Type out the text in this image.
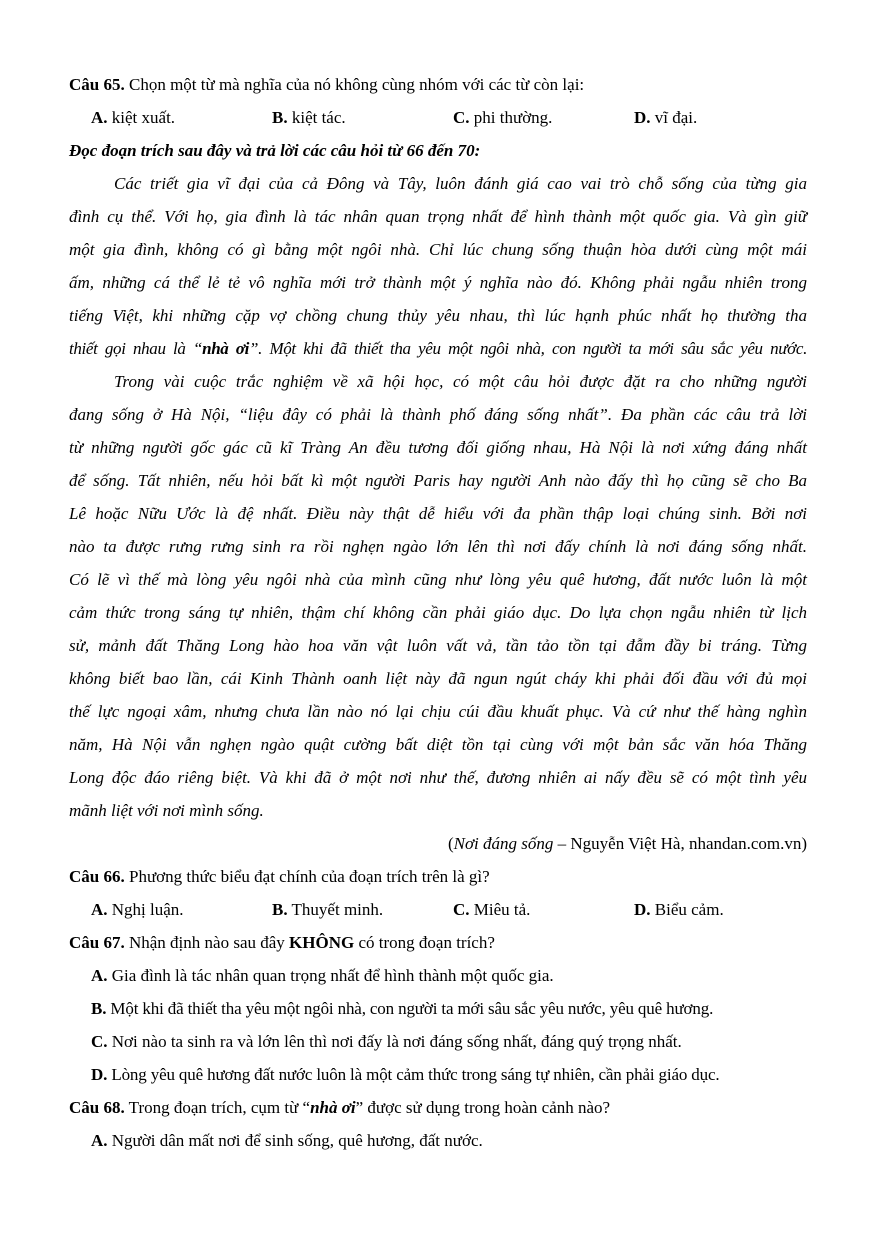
Câu 65. Chọn một từ mà nghĩa của nó không cùng nhóm với các từ còn lại:
A. kiệt xuất.	B. kiệt tác.	C. phi thường.	D. vĩ đại.
Đọc đoạn trích sau đây và trả lời các câu hỏi từ 66 đến 70:
Các triết gia vĩ đại của cả Đông và Tây, luôn đánh giá cao vai trò chỗ sống của từng gia
đình cụ thể. Với họ, gia đình là tác nhân quan trọng nhất để hình thành một quốc gia. Và gìn giữ
một gia đình, không có gì bằng một ngôi nhà. Chỉ lúc chung sống thuận hòa dưới cùng một mái
ấm, những cá thể lẻ tẻ vô nghĩa mới trở thành một ý nghĩa nào đó. Không phải ngẫu nhiên trong
tiếng Việt, khi những cặp vợ chồng chung thủy yêu nhau, thì lúc hạnh phúc nhất họ thường tha
thiết gọi nhau là “nhà ơi”. Một khi đã thiết tha yêu một ngôi nhà, con người ta mới sâu sắc yêu nước.
Trong vài cuộc trắc nghiệm về xã hội học, có một câu hỏi được đặt ra cho những người
đang sống ở Hà Nội, “liệu đây có phải là thành phố đáng sống nhất”. Đa phần các câu trả lời
từ những người gốc gác cũ kĩ Tràng An đều tương đối giống nhau, Hà Nội là nơi xứng đáng nhất
để sống. Tất nhiên, nếu hỏi bất kì một người Paris hay người Anh nào đấy thì họ cũng sẽ cho Ba
Lê hoặc Nữu Ước là đệ nhất. Điều này thật dễ hiểu với đa phần thập loại chúng sinh. Bởi nơi
nào ta được rưng rưng sinh ra rồi nghẹn ngào lớn lên thì nơi đấy chính là nơi đáng sống nhất.
Có lẽ vì thế mà lòng yêu ngôi nhà của mình cũng như lòng yêu quê hương, đất nước luôn là một
cảm thức trong sáng tự nhiên, thậm chí không cần phải giáo dục. Do lựa chọn ngẫu nhiên từ lịch
sử, mảnh đất Thăng Long hào hoa văn vật luôn vất vả, tần tảo tồn tại đẫm đầy bi tráng. Từng
không biết bao lần, cái Kinh Thành oanh liệt này đã ngun ngút cháy khi phải đối đầu với đủ mọi
thế lực ngoại xâm, nhưng chưa lần nào nó lại chịu cúi đầu khuất phục. Và cứ như thế hàng nghìn
năm, Hà Nội vẫn nghẹn ngào quật cường bất diệt tồn tại cùng với một bản sắc văn hóa Thăng
Long độc đáo riêng biệt. Và khi đã ở một nơi như thế, đương nhiên ai nấy đều sẽ có một tình yêu
mãnh liệt với nơi mình sống.
(Nơi đáng sống – Nguyễn Việt Hà, nhandan.com.vn)
Câu 66. Phương thức biểu đạt chính của đoạn trích trên là gì?
A. Nghị luận.	B. Thuyết minh.	C. Miêu tả.	D. Biểu cảm.
Câu 67. Nhận định nào sau đây KHÔNG có trong đoạn trích?
A. Gia đình là tác nhân quan trọng nhất để hình thành một quốc gia.
B. Một khi đã thiết tha yêu một ngôi nhà, con người ta mới sâu sắc yêu nước, yêu quê hương.
C. Nơi nào ta sinh ra và lớn lên thì nơi đấy là nơi đáng sống nhất, đáng quý trọng nhất.
D. Lòng yêu quê hương đất nước luôn là một cảm thức trong sáng tự nhiên, cần phải giáo dục.
Câu 68. Trong đoạn trích, cụm từ “nhà ơi” được sử dụng trong hoàn cảnh nào?
A. Người dân mất nơi để sinh sống, quê hương, đất nước.
